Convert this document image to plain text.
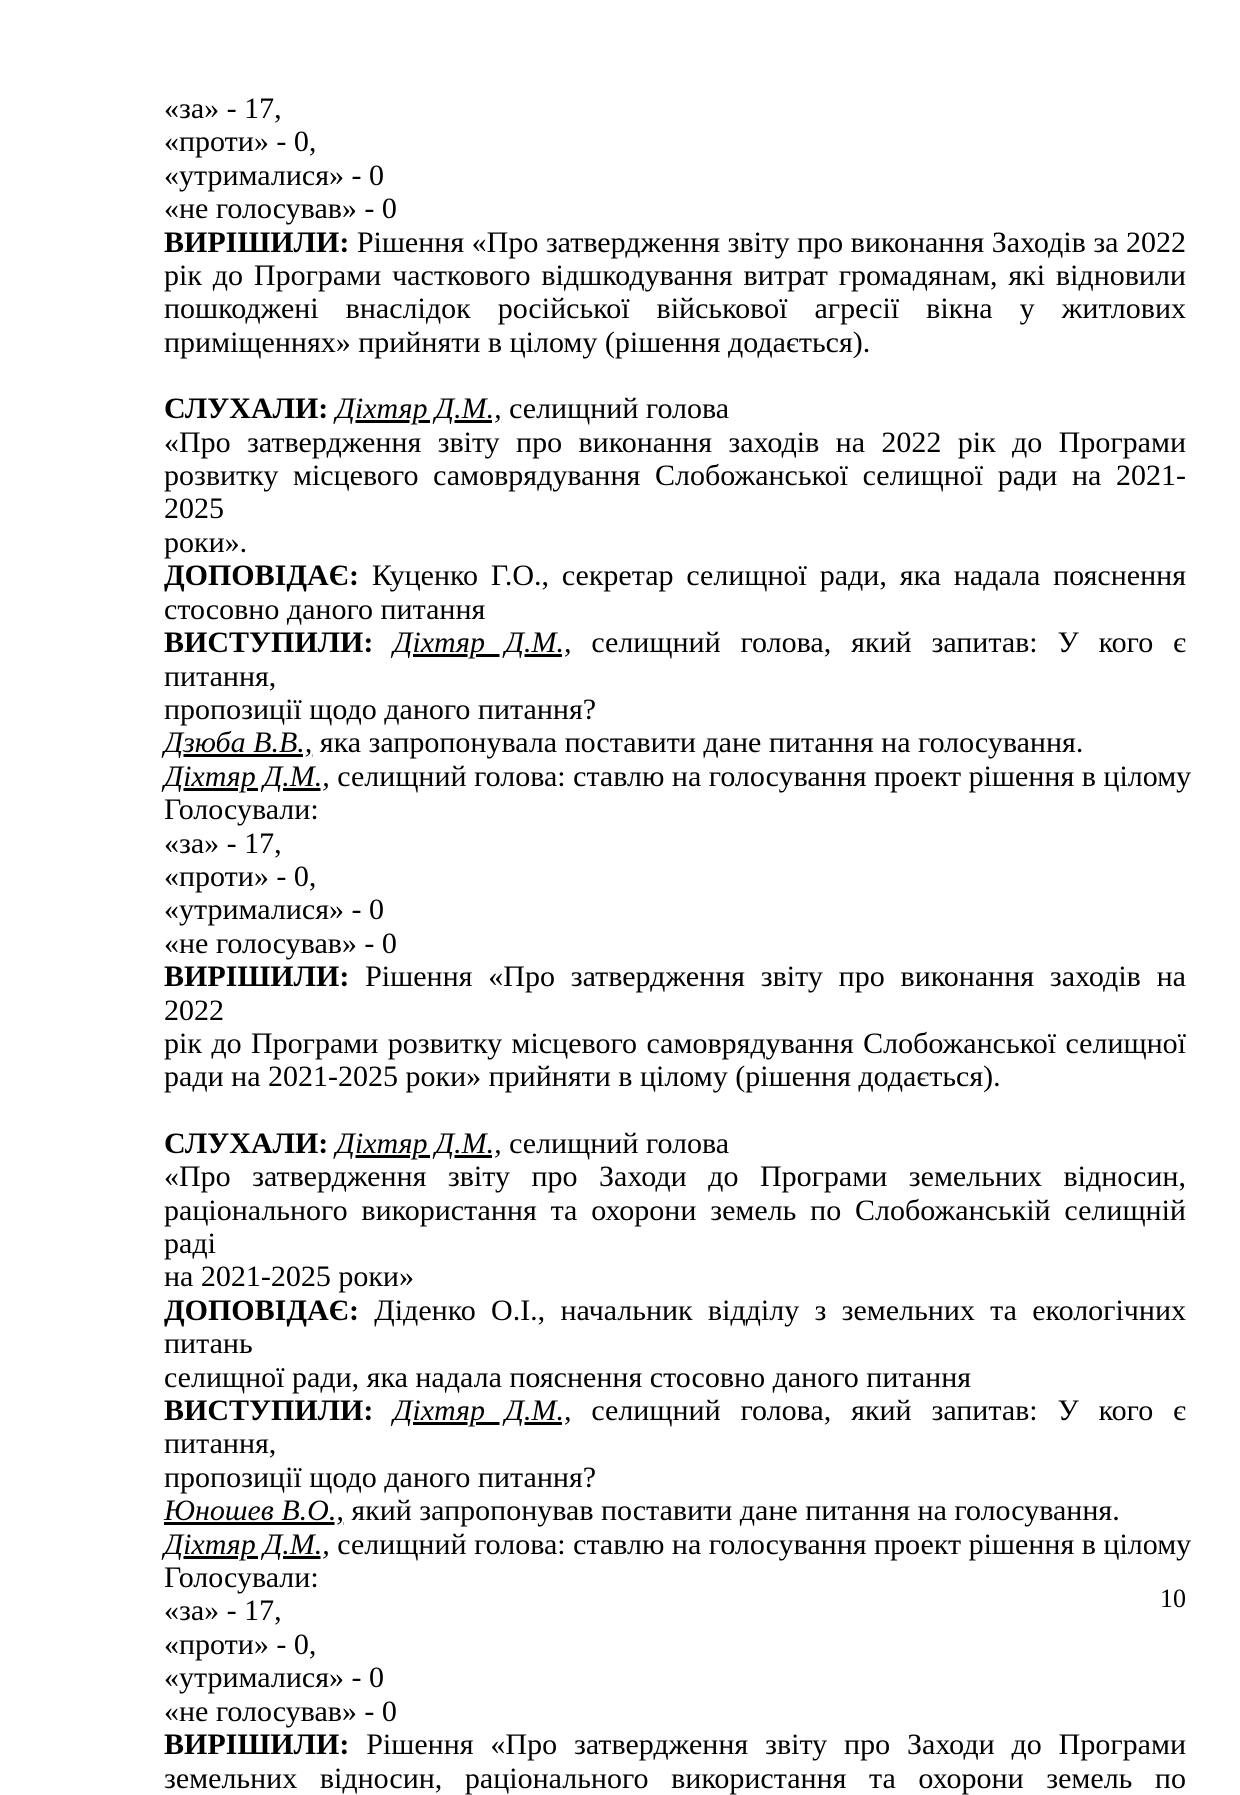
«за» - 17,
«проти» - 0,
«утрималися» - 0
«не голосував» - 0
ВИРІШИЛИ: Рішення «Про затвердження звіту про виконання Заходів за 2022
рік до Програми часткового відшкодування витрат громадянам, які відновили
пошкоджені внаслідок російської військової агресії вікна у житлових
приміщеннях» прийняти в цілому (рішення додається).
СЛУХАЛИ: Діхтяр Д.М., селищний голова
«Про затвердження звіту про виконання заходів на 2022 рік до Програми
розвитку місцевого самоврядування Слобожанської селищної ради на 2021-2025
роки».
ДОПОВІДАЄ: Куценко Г.О., секретар селищної ради, яка надала пояснення
стосовно даного питання
ВИСТУПИЛИ: Діхтяр Д.М., селищний голова, який запитав: У кого є питання,
пропозиції щодо даного питання?
Дзюба В.В., яка запропонувала поставити дане питання на голосування.
Діхтяр Д.М., селищний голова: ставлю на голосування проект рішення в цілому
Голосували:
«за» - 17,
«проти» - 0,
«утрималися» - 0
«не голосував» - 0
ВИРІШИЛИ: Рішення «Про затвердження звіту про виконання заходів на 2022
рік до Програми розвитку місцевого самоврядування Слобожанської селищної
ради на 2021-2025 роки» прийняти в цілому (рішення додається).
СЛУХАЛИ: Діхтяр Д.М., селищний голова
«Про затвердження звіту про Заходи до Програми земельних відносин,
раціонального використання та охорони земель по Слобожанській селищній раді
на 2021-2025 роки»
ДОПОВІДАЄ: Діденко О.І., начальник відділу з земельних та екологічних питань
селищної ради, яка надала пояснення стосовно даного питання
ВИСТУПИЛИ: Діхтяр Д.М., селищний голова, який запитав: У кого є питання,
пропозиції щодо даного питання?
Юношев В.О., який запропонував поставити дане питання на голосування.
Діхтяр Д.М., селищний голова: ставлю на голосування проект рішення в цілому
Голосували:
«за» - 17,
«проти» - 0,
«утрималися» - 0
«не голосував» - 0
ВИРІШИЛИ: Рішення «Про затвердження звіту про Заходи до Програми
земельних відносин, раціонального використання та охорони земель по
10
